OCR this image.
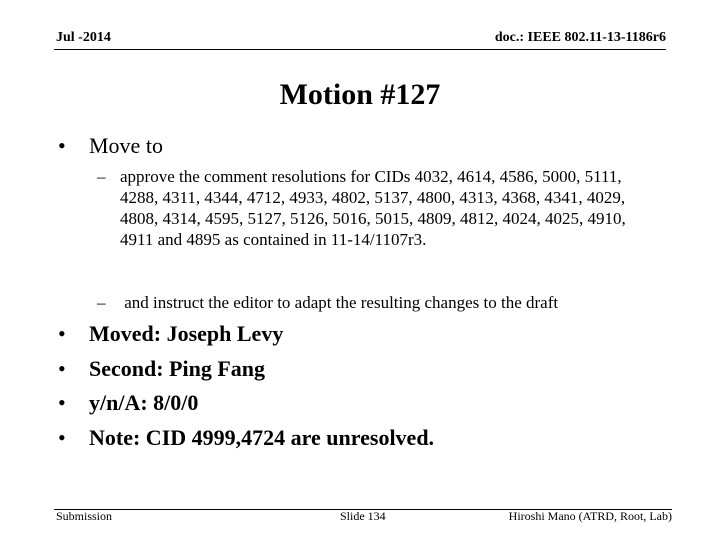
Jul -2014	doc.: IEEE 802.11-13-1186r6
Motion #127
• Move to
– approve the comment resolutions for CIDs 4032, 4614, 4586, 5000, 5111, 4288, 4311, 4344, 4712, 4933, 4802, 5137, 4800, 4313, 4368, 4341, 4029, 4808, 4314, 4595, 5127, 5126, 5016, 5015, 4809, 4812, 4024, 4025, 4910, 4911 and 4895 as contained in 11-14/1107r3.
– and instruct the editor to adapt the resulting changes to the draft
• Moved: Joseph Levy
• Second: Ping Fang
• y/n/A: 8/0/0
• Note: CID 4999,4724 are unresolved.
Submission	Slide 134	Hiroshi Mano (ATRD, Root, Lab)
